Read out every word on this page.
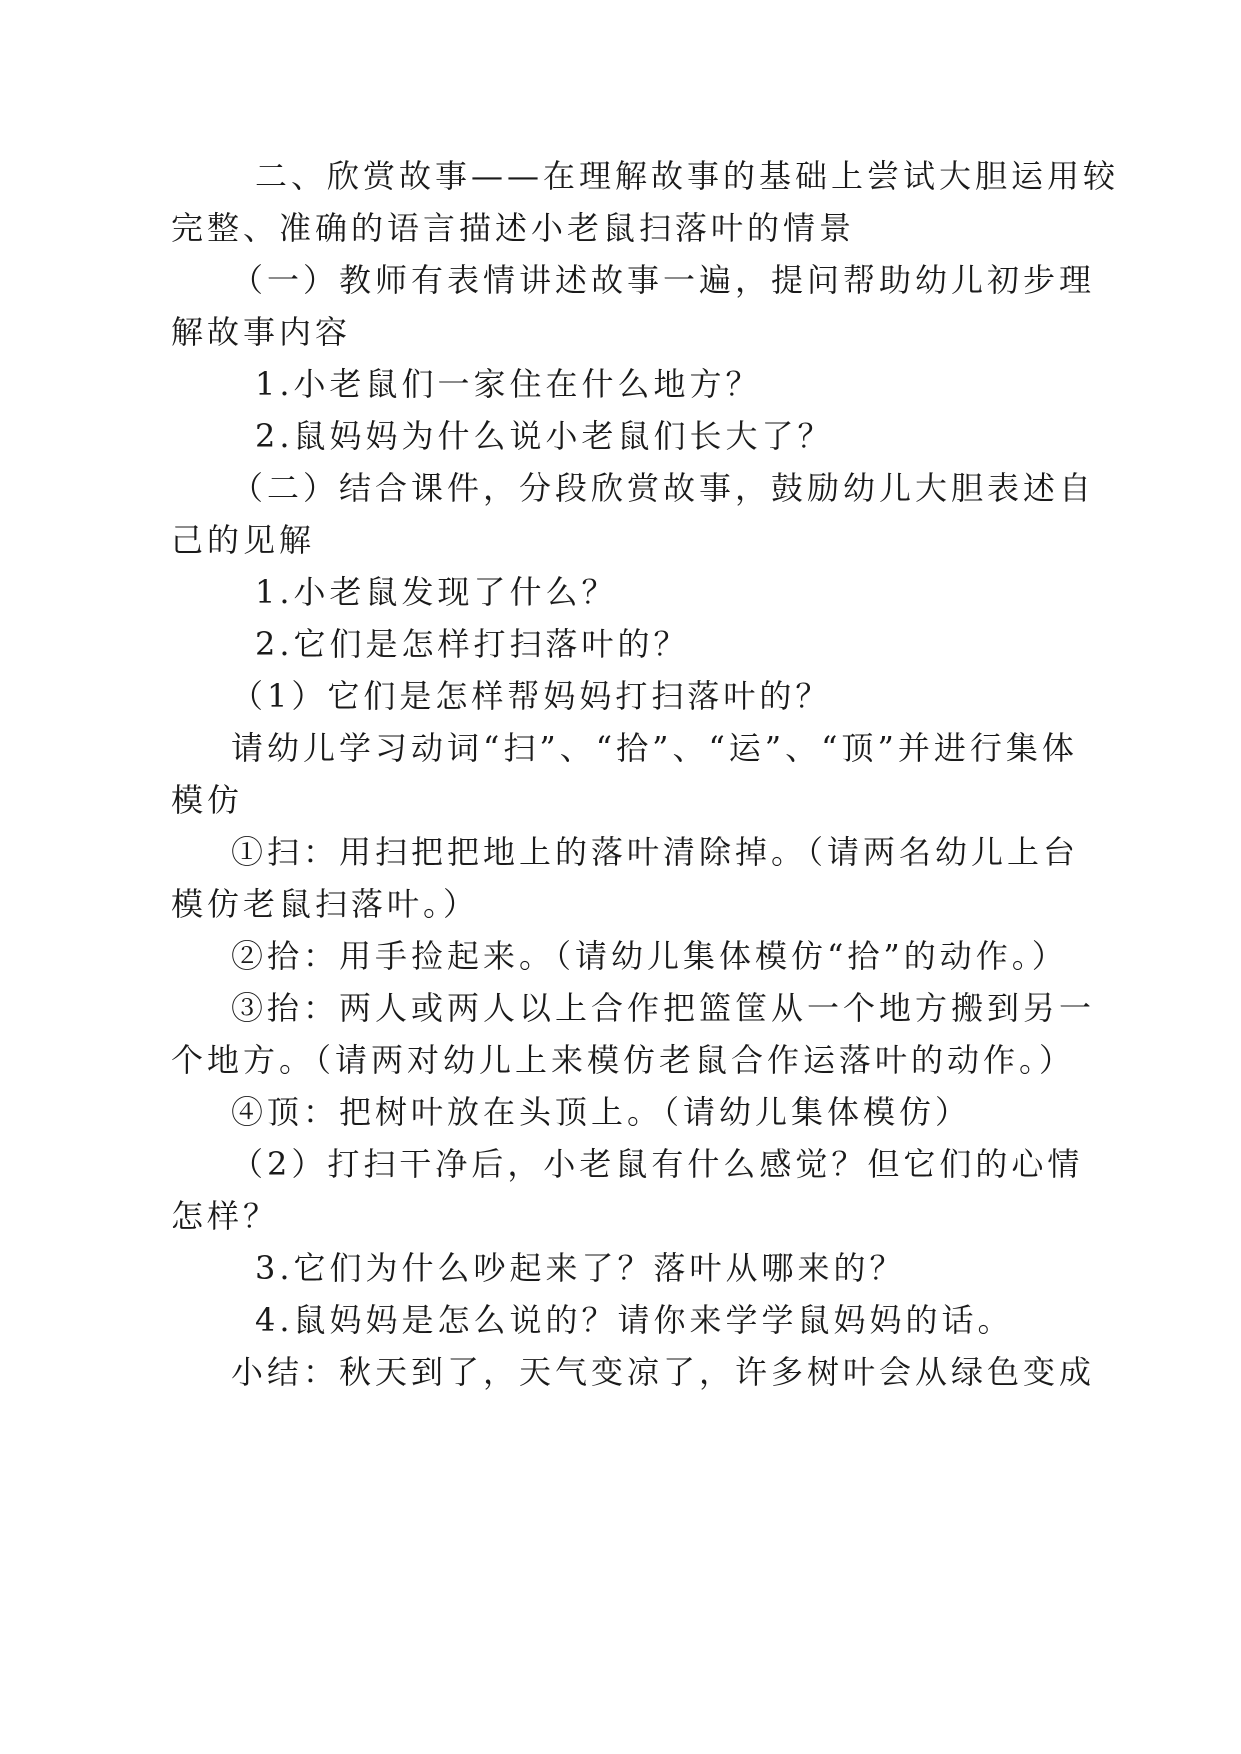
二、欣赏故事——在理解故事的基础上尝试大胆运用较
完整、准确的语言描述小老鼠扫落叶的情景
（一）教师有表情讲述故事一遍，提问帮助幼儿初步理
解故事内容
1.小老鼠们一家住在什么地方？
2.鼠妈妈为什么说小老鼠们长大了？
（二）结合课件，分段欣赏故事，鼓励幼儿大胆表述自
己的见解
1.小老鼠发现了什么？
2.它们是怎样打扫落叶的？
（1）它们是怎样帮妈妈打扫落叶的？
请幼儿学习动词“扫”、“拾”、“运”、“顶”并进行集体
模仿
①扫：用扫把把地上的落叶清除掉。（请两名幼儿上台
模仿老鼠扫落叶。）
②拾：用手捡起来。（请幼儿集体模仿“拾”的动作。）
③抬：两人或两人以上合作把篮筐从一个地方搬到另一
个地方。（请两对幼儿上来模仿老鼠合作运落叶的动作。）
④顶：把树叶放在头顶上。（请幼儿集体模仿）
（2）打扫干净后，小老鼠有什么感觉？但它们的心情
怎样？
3.它们为什么吵起来了？落叶从哪来的？
4.鼠妈妈是怎么说的？请你来学学鼠妈妈的话。
小结：秋天到了，天气变凉了，许多树叶会从绿色变成
